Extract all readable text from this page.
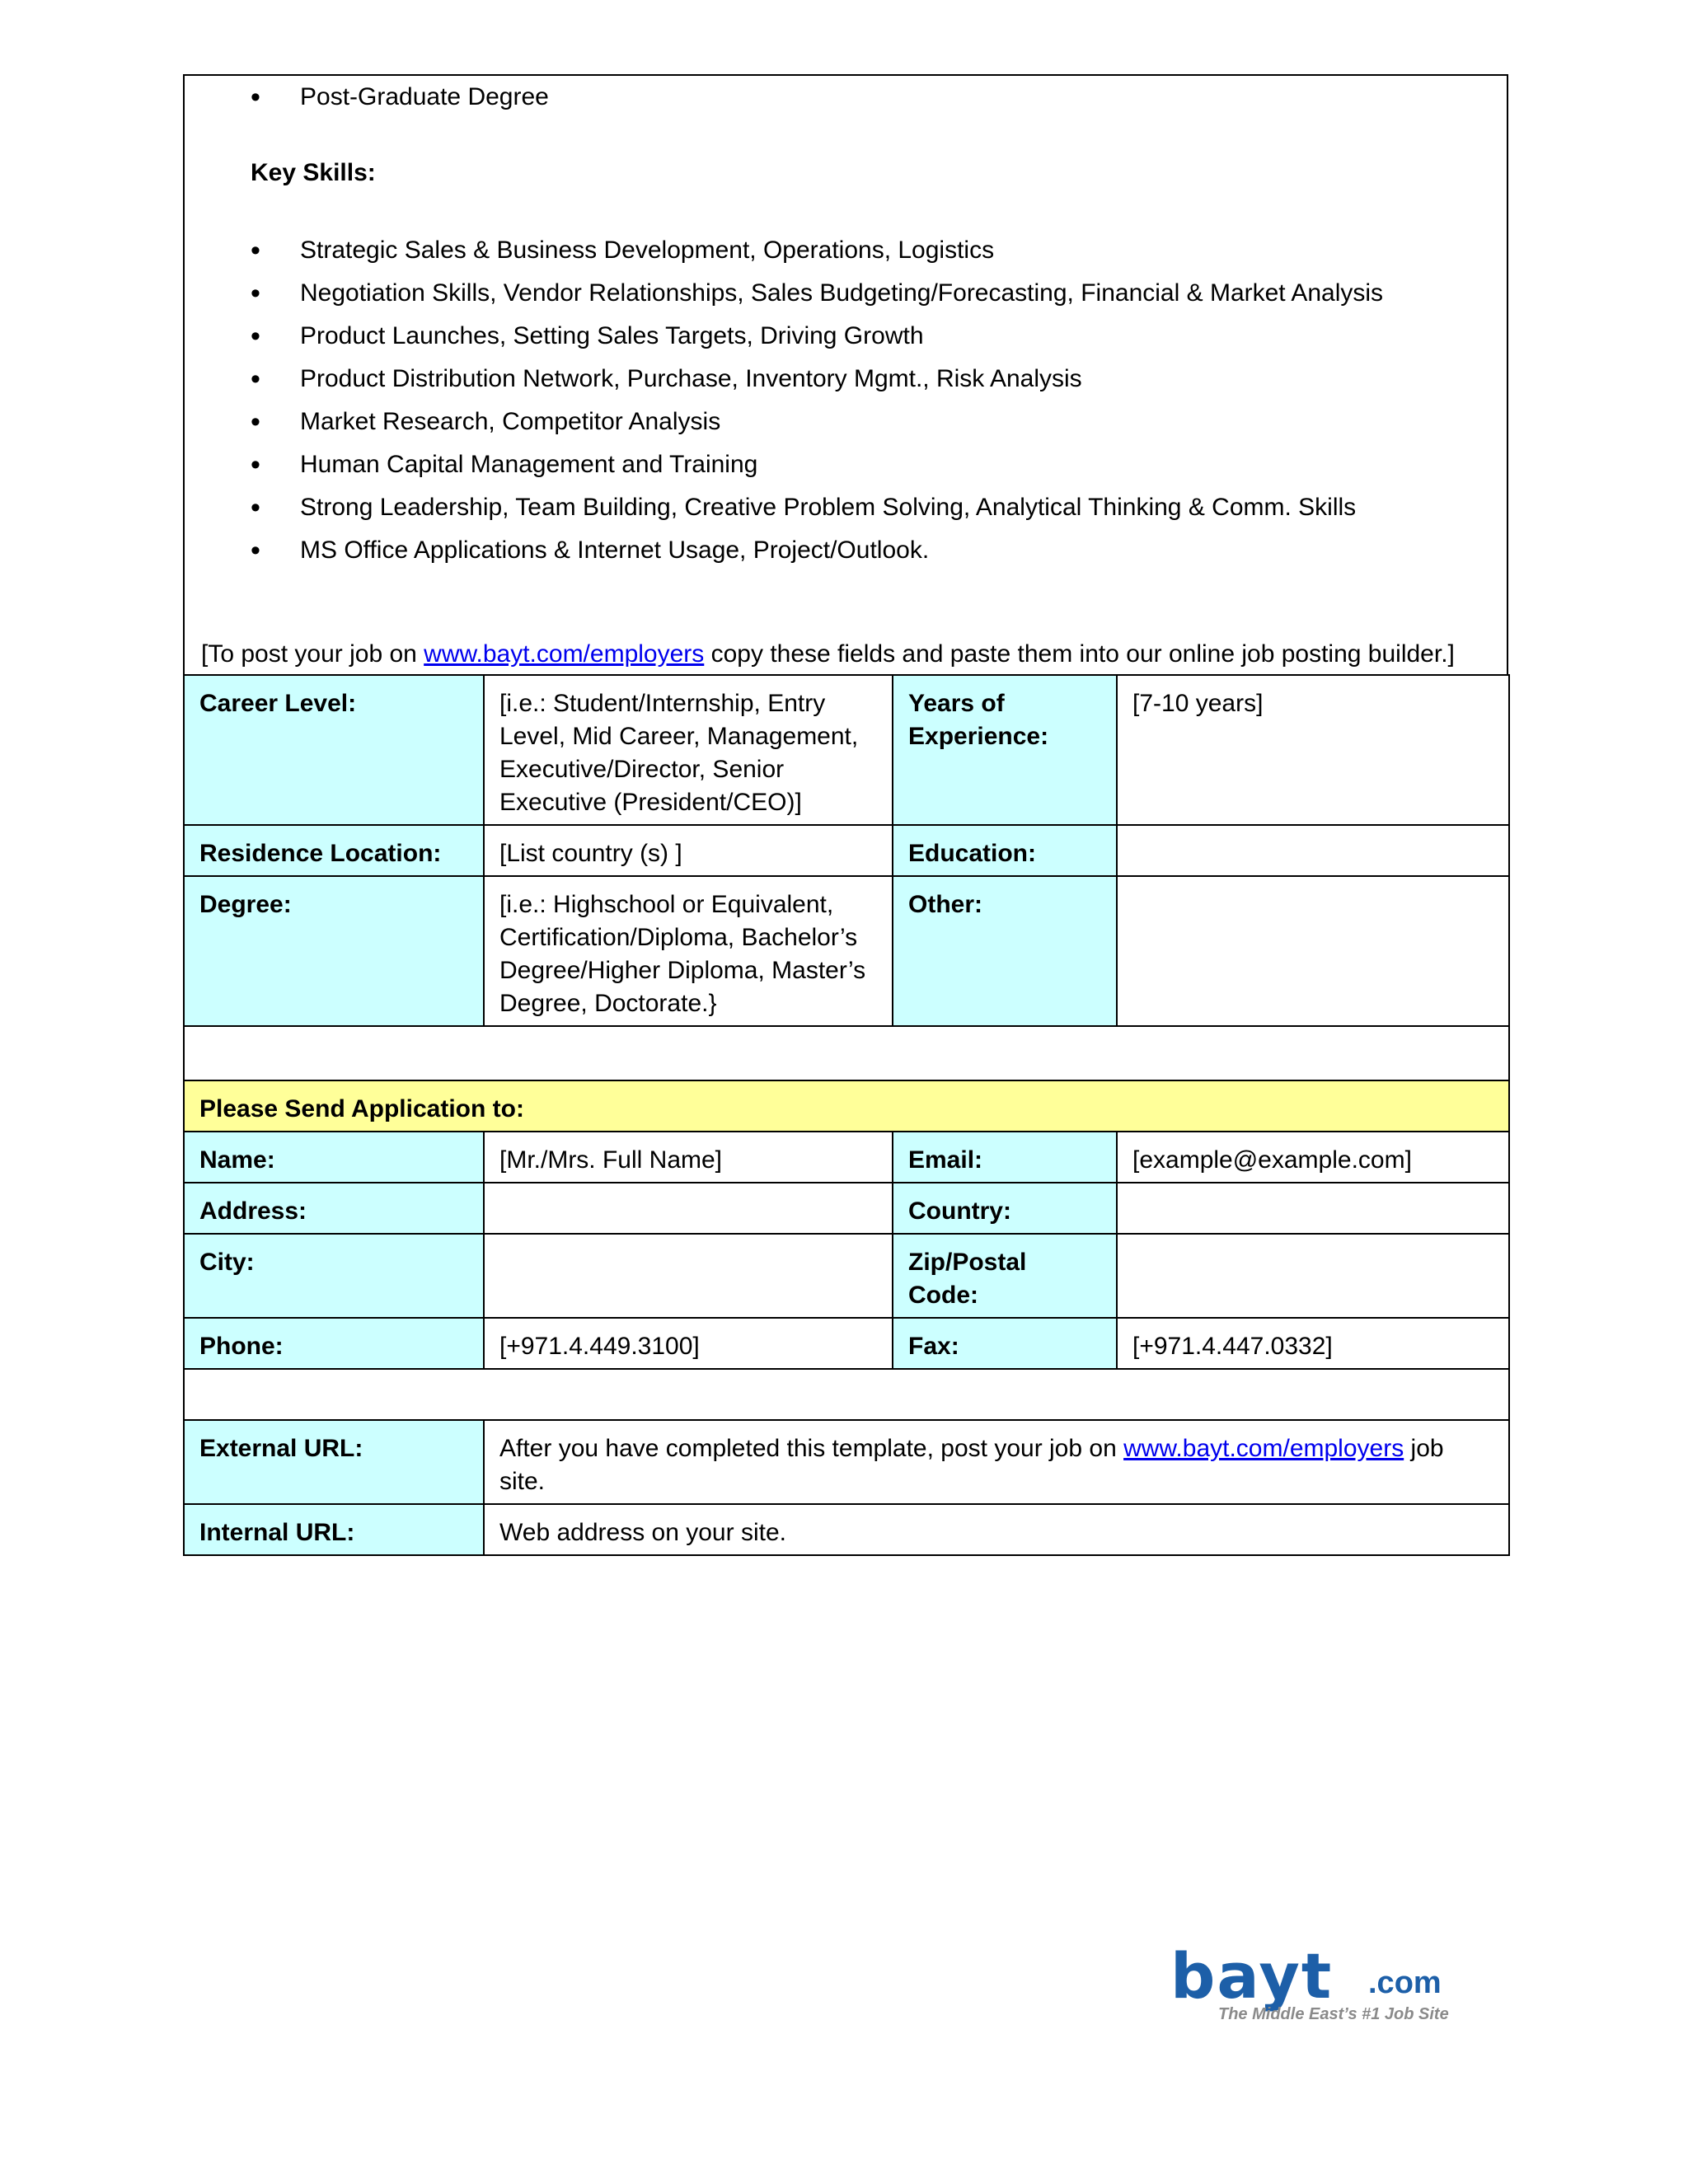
• Post-Graduate Degree
Key Skills:
• Strategic Sales & Business Development, Operations, Logistics
• Negotiation Skills, Vendor Relationships, Sales Budgeting/Forecasting, Financial & Market Analysis
• Product Launches, Setting Sales Targets, Driving Growth
• Product Distribution Network, Purchase, Inventory Mgmt., Risk Analysis
• Market Research, Competitor Analysis
• Human Capital Management and Training
• Strong Leadership, Team Building, Creative Problem Solving, Analytical Thinking & Comm. Skills
• MS Office Applications & Internet Usage, Project/Outlook.
[To post your job on www.bayt.com/employers copy these fields and paste them into our online job posting builder.]
Career Level:	[i.e.: Student/Internship, Entry Level, Mid Career, Management, Executive/Director, Senior Executive (President/CEO)]	Years of Experience:	[7-10 years]
Residence Location:	[List country (s) ]	Education:	
Degree:	[i.e.: Highschool or Equivalent, Certification/Diploma, Bachelor’s Degree/Higher Diploma, Master’s Degree, Doctorate.}	Other:	

Please Send Application to:			
Name:	[Mr./Mrs. Full Name]	Email:	[example@example.com]
Address:		Country:	
City:		Zip/Postal Code:	
Phone:	[+971.4.449.3100]	Fax:	[+971.4.447.0332]

External URL:	After you have completed this template, post your job on www.bayt.com/employers job site.		
Internal URL:	Web address on your site.		
bayt .com
The Middle East’s #1 Job Site
